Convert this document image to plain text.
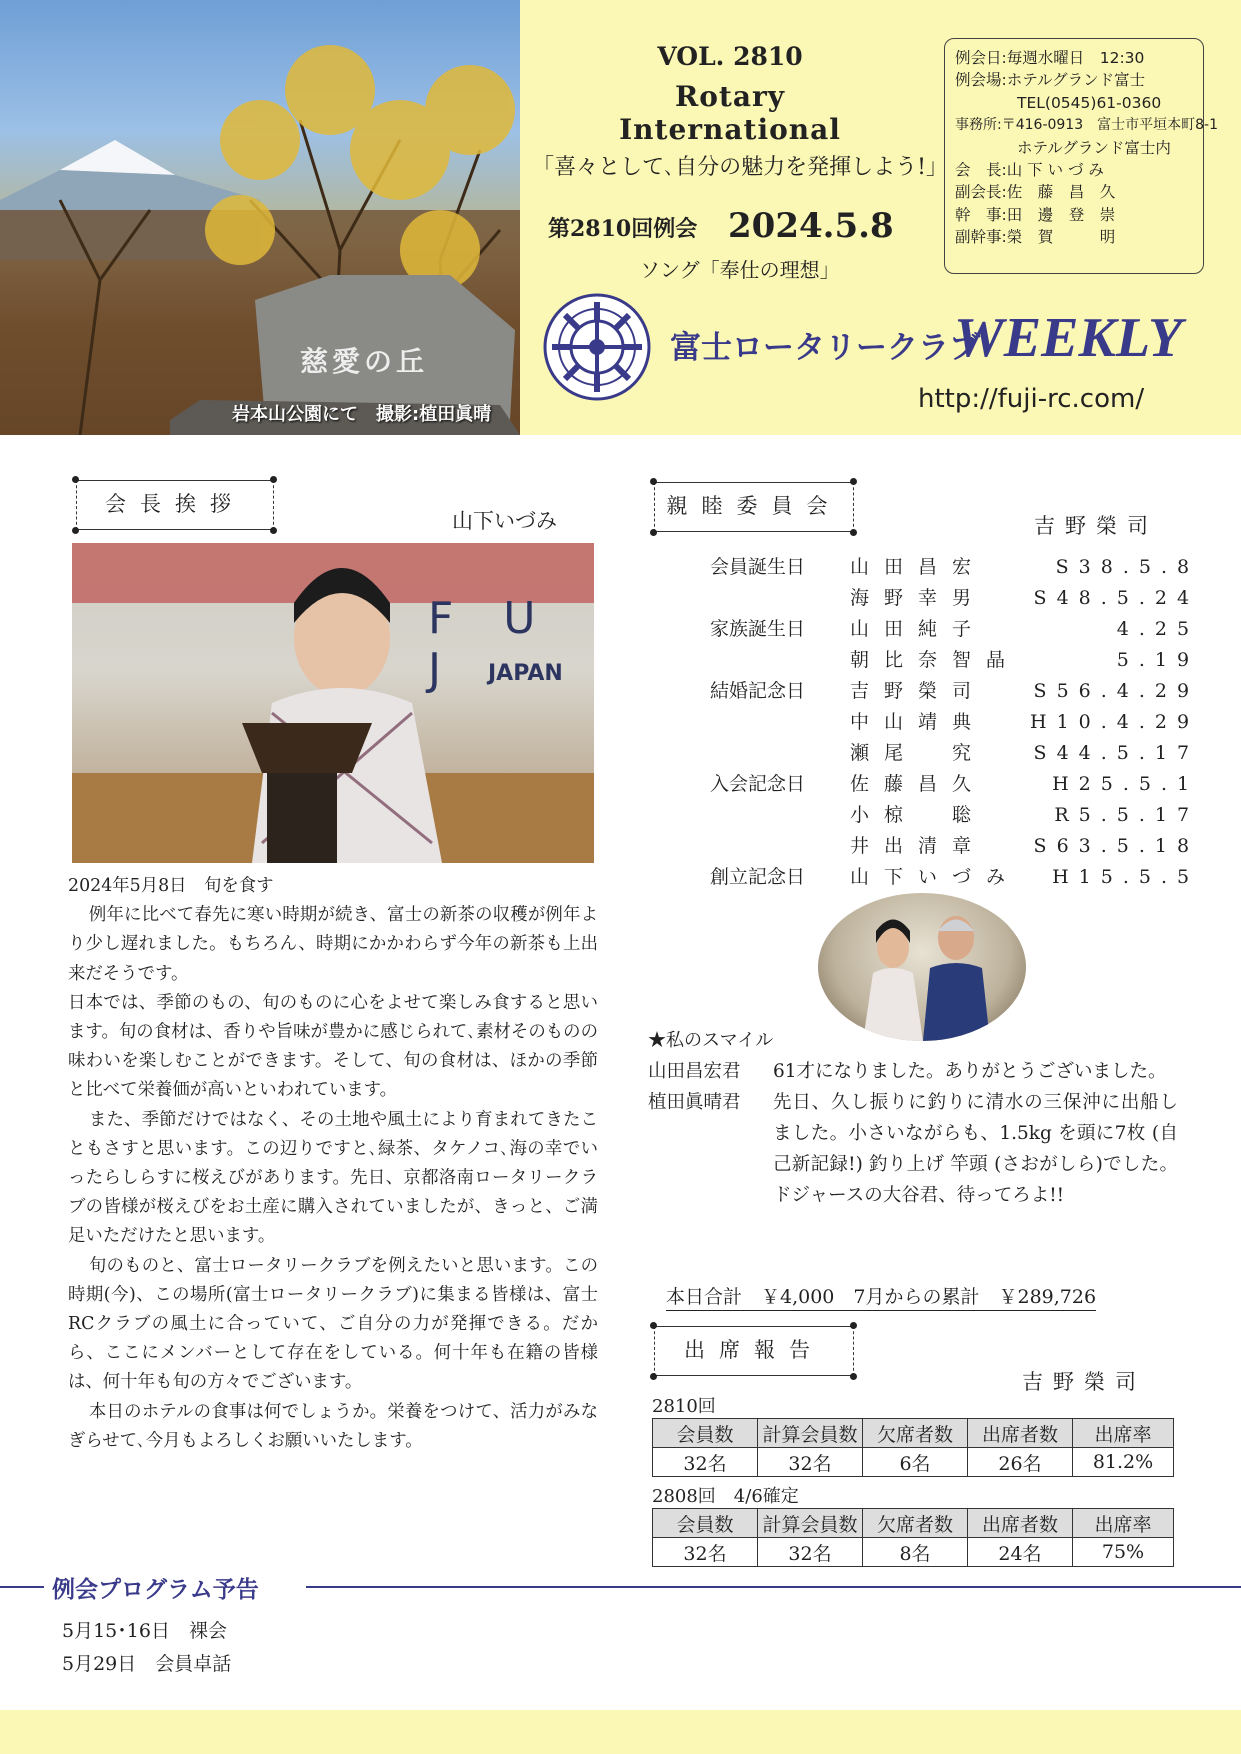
慈愛の丘
岩本山公園にて　撮影:植田眞晴
VOL. 2810
Rotary International
「喜々として､自分の魅力を発揮しよう!」
第2810回例会 2024.5.8
ソング「奉仕の理想」
例会日:毎週水曜日　12:30
例会場:ホテルグランド富士
　　　　TEL(0545)61-0360
事務所:〒416-0913　富士市平垣本町8-1
　　　　ホテルグランド富士内
会　長:山 下 い づ み
副会長:佐　藤　昌　久
幹　事:田　邊　登　崇
副幹事:榮　賀　　　明
富士ロータリークラブ
WEEKLY
http://fuji-rc.com/
会長挨拶
山下いづみ
F U J	JAPAN

2024年5月8日　旬を食す

例年に比べて春先に寒い時期が続き、富士の新茶の収穫が例年より少し遅れました。もちろん、時期にかかわらず今年の新茶も上出来だそうです。

日本では、季節のもの、旬のものに心をよせて楽しみ食すると思います。旬の食材は、香りや旨味が豊かに感じられて､素材そのものの味わいを楽しむことができます。そして、旬の食材は、ほかの季節と比べて栄養価が高いといわれています。

また、季節だけではなく、その土地や風土により育まれてきたこともさすと思います。この辺りですと､緑茶、タケノコ､海の幸でいったらしらすに桜えびがあります。先日、京都洛南ロータリークラブの皆様が桜えびをお土産に購入されていましたが、きっと、ご満足いただけたと思います。

旬のものと、富士ロータリークラブを例えたいと思います。この時期(今)、この場所(富士ロータリークラブ)に集まる皆様は、富士RCクラブの風土に合っていて、ご自分の力が発揮できる。だから、ここにメンバーとして存在をしている。何十年も在籍の皆様は、何十年も旬の方々でございます。

本日のホテルの食事は何でしょうか。栄養をつけて、活力がみなぎらせて､今月もよろしくお願いいたします。

親睦委員会
吉野榮司
会員誕生日	山田昌宏	S38.5.8
	海野幸男	S48.5.24
家族誕生日	山田純子	4.25
	朝比奈智晶	5.19
結婚記念日	吉野榮司	S56.4.29
	中山靖典	H10.4.29
	瀬尾　究	S44.5.17
入会記念日	佐藤昌久	H25.5.1
	小椋　聡	R5.5.17
	井出清章	S63.5.18
創立記念日	山下いづみ	H15.5.5
★私のスマイル
山田昌宏君	61才になりました。ありがとうございました。
植田眞晴君	先日、久し振りに釣りに清水の三保沖に出船しました。小さいながらも、1.5kg を頭に7枚 (自己新記録!) 釣り上げ 竿頭 (さおがしら)でした。ドジャースの大谷君、待ってろよ!!
本日合計　￥4,000　7月からの累計　￥289,726
出席報告
吉野榮司
2810回
会員数	計算会員数	欠席者数	出席者数	出席率
32名	32名	6名	26名	81.2%
2808回　4/6確定
会員数	計算会員数	欠席者数	出席者数	出席率
32名	32名	8名	24名	75%
例会プログラム予告
5月15･16日　裸会
5月29日　会員卓話
